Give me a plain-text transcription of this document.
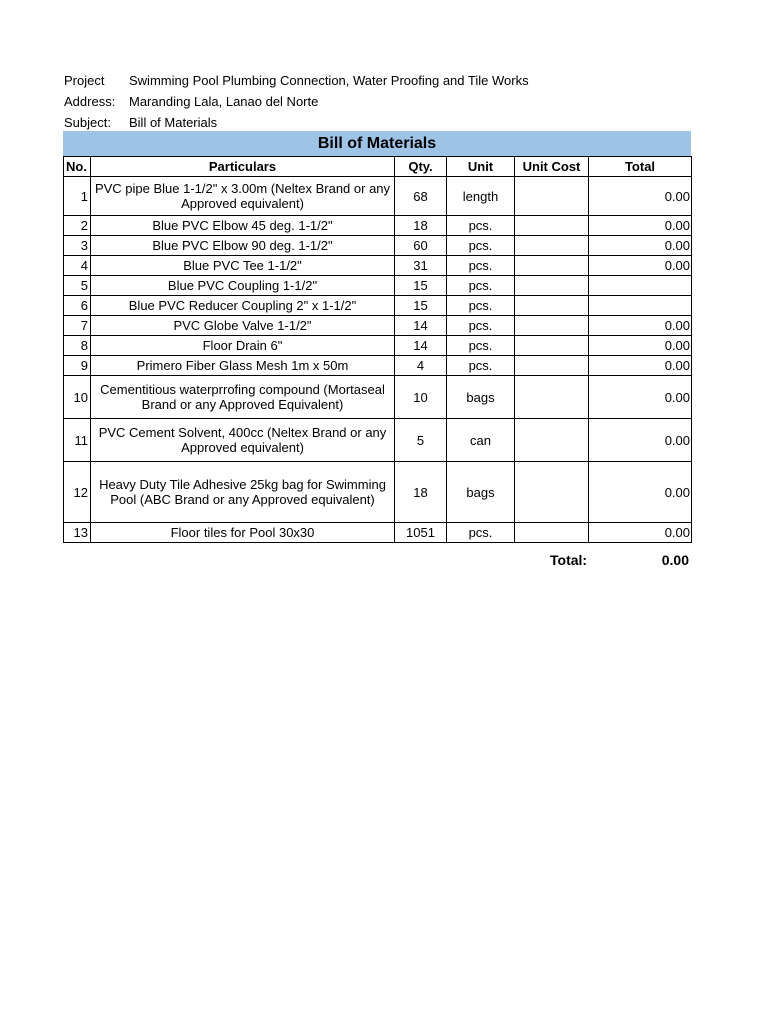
Project Swimming Pool Plumbing Connection, Water Proofing and Tile Works
Address: Maranding Lala, Lanao del Norte
Subject: Bill of Materials
Bill of Materials
No.	Particulars	Qty.	Unit	Unit Cost	Total
1	PVC pipe Blue 1-1/2" x 3.00m (Neltex Brand or any Approved equivalent)	68	length		0.00
2	Blue PVC Elbow 45 deg. 1-1/2"	18	pcs.		0.00
3	Blue PVC Elbow 90 deg. 1-1/2"	60	pcs.		0.00
4	Blue PVC Tee 1-1/2"	31	pcs.		0.00
5	Blue PVC Coupling 1-1/2"	15	pcs.		
6	Blue PVC Reducer Coupling 2" x 1-1/2"	15	pcs.		
7	PVC Globe Valve 1-1/2"	14	pcs.		0.00
8	Floor Drain 6"	14	pcs.		0.00
9	Primero Fiber Glass Mesh 1m x 50m	4	pcs.		0.00
10	Cementitious waterprrofing compound (Mortaseal Brand or any Approved Equivalent)	10	bags		0.00
11	PVC Cement Solvent, 400cc (Neltex Brand or any Approved equivalent)	5	can		0.00
12	Heavy Duty Tile Adhesive 25kg bag for Swimming Pool (ABC Brand or any Approved equivalent)	18	bags		0.00
13	Floor tiles for Pool 30x30	1051	pcs.		0.00
Total:	0.00
